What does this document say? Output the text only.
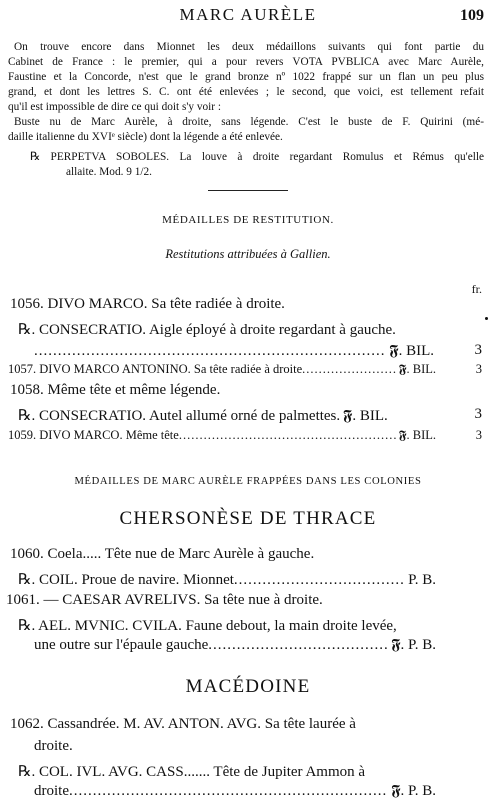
MARC AURÈLE	109
On trouve encore dans Mionnet les deux médaillons suivants qui font partie du
Cabinet de France : le premier, qui a pour revers VOTA PVBLICA avec Marc Aurèle,
Faustine et la Concorde, n'est que le grand bronze nº 1022 frappé sur un flan un peu plus
grand, et dont les lettres S. C. ont été enlevées ; le second, que voici, est tellement refait
qu'il est impossible de dire ce qui doit s'y voir :
Buste nu de Marc Aurèle, à droite, sans légende. C'est le buste de F. Quirini (mé-
daille italienne du XVIᵉ siècle) dont la légende a été enlevée.
℞ PERPETVA SOBOLES. La louve à droite regardant Romulus et Rémus qu'elle
allaite. Mod. 9 1/2.
MÉDAILLES DE RESTITUTION.
Restitutions attribuées à Gallien.
fr.
1056. DIVO MARCO. Sa tête radiée à droite.
℞. CONSECRATIO. Aigle éployé à droite regardant à gauche.
.....
𝕱. BIL.	3
1057. DIVO MARCO ANTONINO. Sa tête radiée à droite .....	𝕱. BIL.	3
1058. Même tête et même légende.
℞. CONSECRATIO. Autel allumé orné de palmettes. 𝕱. BIL.	3
1059. DIVO MARCO. Même tête .....	𝕱. BIL.	3
MÉDAILLES DE MARC AURÈLE FRAPPÉES DANS LES COLONIES
CHERSONÈSE DE THRACE
1060. Coela..... Tête nue de Marc Aurèle à gauche.
℞. COIL. Proue de navire. Mionnet .....	P. B.
1061. — CAESAR AVRELIVS. Sa tête nue à droite.
℞. AEL. MVNIC. CVILA. Faune debout, la main droite levée,
une outre sur l'épaule gauche .....	𝕱. P. B.
MACÉDOINE
1062. Cassandrée. M. AV. ANTON. AVG. Sa tête laurée à
droite.
℞. COL. IVL. AVG. CASS....... Tête de Jupiter Ammon à
droite .....	𝕱. P. B.
